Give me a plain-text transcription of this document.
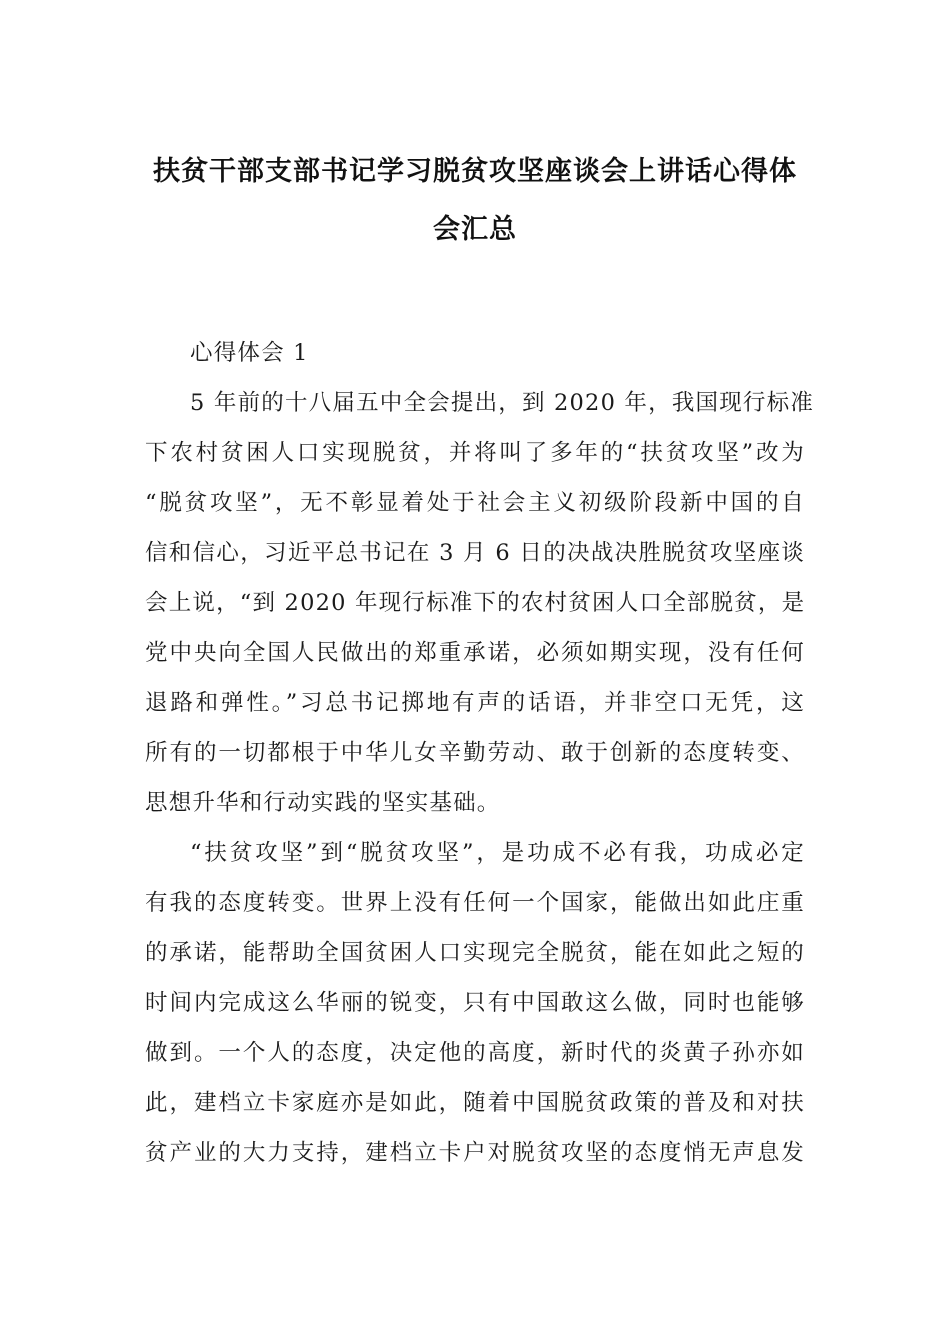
扶贫干部支部书记学习脱贫攻坚座谈会上讲话心得体
会汇总

心得体会 1

5 年前的十八届五中全会提出，到 2020 年，我国现行标准

下农村贫困人口实现脱贫，并将叫了多年的“扶贫攻坚”改为

“脱贫攻坚”，无不彰显着处于社会主义初级阶段新中国的自

信和信心，习近平总书记在 3 月 6 日的决战决胜脱贫攻坚座谈

会上说，“到 2020 年现行标准下的农村贫困人口全部脱贫，是

党中央向全国人民做出的郑重承诺，必须如期实现，没有任何

退路和弹性。”习总书记掷地有声的话语，并非空口无凭，这

所有的一切都根于中华儿女辛勤劳动、敢于创新的态度转变、

思想升华和行动实践的坚实基础。

“扶贫攻坚”到“脱贫攻坚”，是功成不必有我，功成必定

有我的态度转变。世界上没有任何一个国家，能做出如此庄重

的承诺，能帮助全国贫困人口实现完全脱贫，能在如此之短的

时间内完成这么华丽的锐变，只有中国敢这么做，同时也能够

做到。一个人的态度，决定他的高度，新时代的炎黄子孙亦如

此，建档立卡家庭亦是如此，随着中国脱贫政策的普及和对扶

贫产业的大力支持，建档立卡户对脱贫攻坚的态度悄无声息发
